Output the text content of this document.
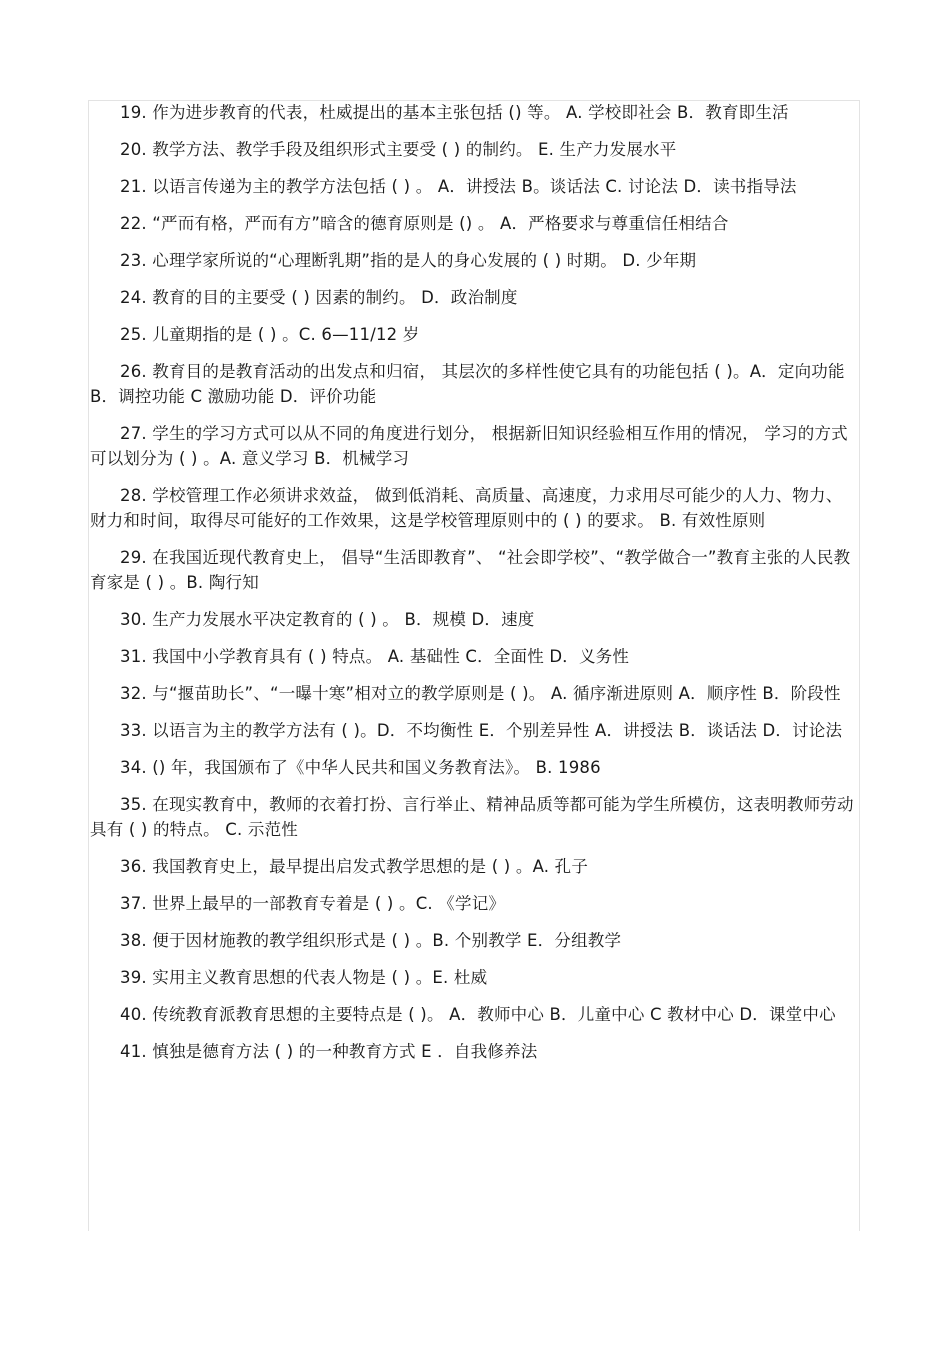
19. 作为进步教育的代表，杜威提出的基本主张包括 () 等。 A. 学校即社会 B．教育即生活

20. 教学方法、教学手段及组织形式主要受 ( ) 的制约。 E. 生产力发展水平

21. 以语言传递为主的教学方法包括 ( ) 。 A．讲授法 B。谈话法 C. 讨论法 D．读书指导法

22. “严而有格，严而有方”暗含的德育原则是 () 。 A．严格要求与尊重信任相结合

23. 心理学家所说的“心理断乳期”指的是人的身心发展的 ( ) 时期。 D. 少年期

24. 教育的目的主要受 ( ) 因素的制约。 D．政治制度

25. 儿童期指的是 ( ) 。C. 6—11/12 岁

26. 教育目的是教育活动的出发点和归宿， 其层次的多样性使它具有的功能包括 ( )。A．定向功能 B．调控功能 C 激励功能 D．评价功能

27. 学生的学习方式可以从不同的角度进行划分， 根据新旧知识经验相互作用的情况， 学习的方式可以划分为 ( ) 。A. 意义学习 B．机械学习

28. 学校管理工作必须讲求效益， 做到低消耗、高质量、高速度，力求用尽可能少的人力、物力、财力和时间，取得尽可能好的工作效果，这是学校管理原则中的 ( ) 的要求。 B. 有效性原则

29. 在我国近现代教育史上， 倡导“生活即教育”、 “社会即学校”、“教学做合一”教育主张的人民教育家是 ( ) 。B. 陶行知

30. 生产力发展水平决定教育的 ( ) 。 B．规模 D．速度

31. 我国中小学教育具有 ( ) 特点。 A. 基础性 C．全面性 D．义务性

32. 与“揠苗助长”、“一曝十寒”相对立的教学原则是 ( )。 A. 循序渐进原则 A．顺序性 B．阶段性

33. 以语言为主的教学方法有 ( )。D．不均衡性 E．个别差异性 A．讲授法 B．谈话法 D．讨论法

34. () 年，我国颁布了《中华人民共和国义务教育法》。 B. 1986

35. 在现实教育中，教师的衣着打扮、言行举止、精神品质等都可能为学生所模仿，这表明教师劳动具有 ( ) 的特点。 C. 示范性

36. 我国教育史上，最早提出启发式教学思想的是 ( ) 。A. 孔子

37. 世界上最早的一部教育专着是 ( ) 。C. 《学记》

38. 便于因材施教的教学组织形式是 ( ) 。B. 个别教学 E．分组教学

39. 实用主义教育思想的代表人物是 ( ) 。E. 杜威

40. 传统教育派教育思想的主要特点是 ( )。 A．教师中心 B．儿童中心 C 教材中心 D．课堂中心

41. 慎独是德育方法 ( ) 的一种教育方式 E ．自我修养法
